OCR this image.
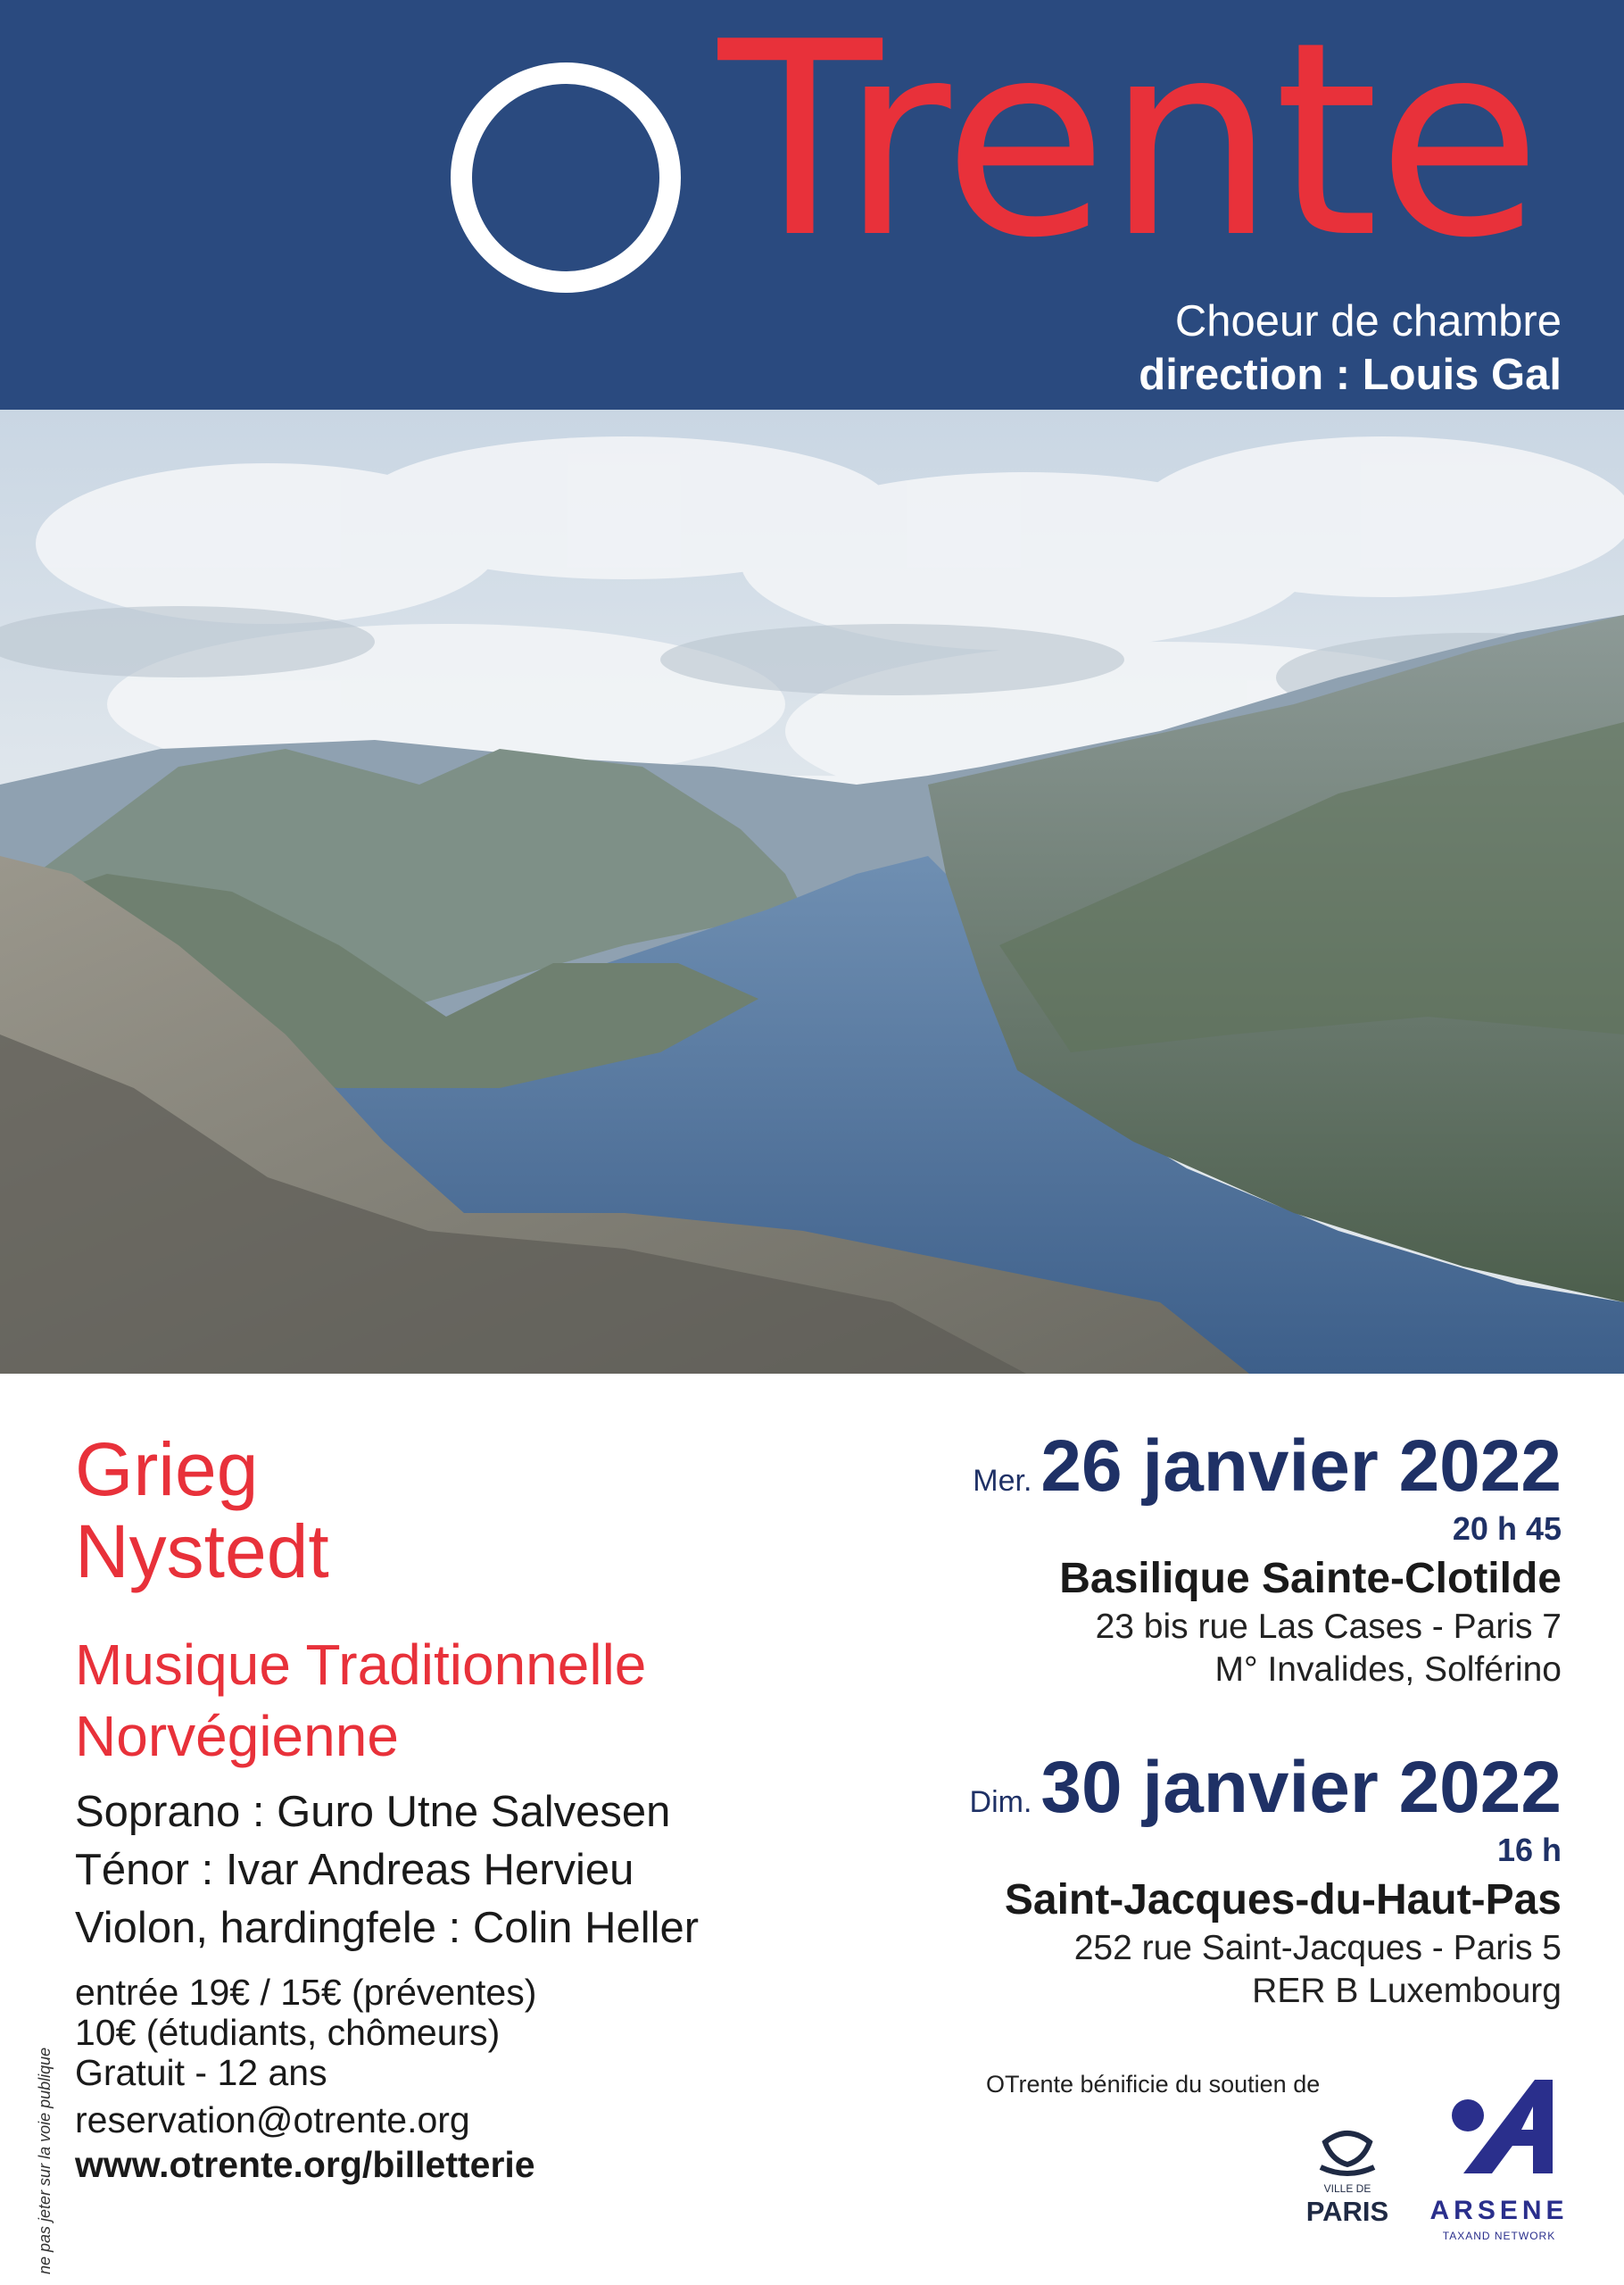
Trente
Choeur de chambre
direction : Louis Gal
Grieg
Nystedt
Musique Traditionnelle
Norvégienne
Soprano : Guro Utne Salvesen
Ténor : Ivar Andreas Hervieu
Violon, hardingfele : Colin Heller
entrée 19€ / 15€ (préventes)
10€ (étudiants, chômeurs)
Gratuit - 12 ans
reservation@otrente.org
www.otrente.org/billetterie
ne pas jeter sur la voie publique
Mer. 26 janvier 2022
20 h 45
Basilique Sainte-Clotilde
23 bis rue Las Cases - Paris 7
M° Invalides, Solférino
Dim. 30 janvier 2022
16 h
Saint-Jacques-du-Haut-Pas
252 rue Saint-Jacques - Paris 5
RER B Luxembourg
OTrente bénificie du soutien de
VILLE DE
PARIS	ARSENE
TAXAND NETWORK
